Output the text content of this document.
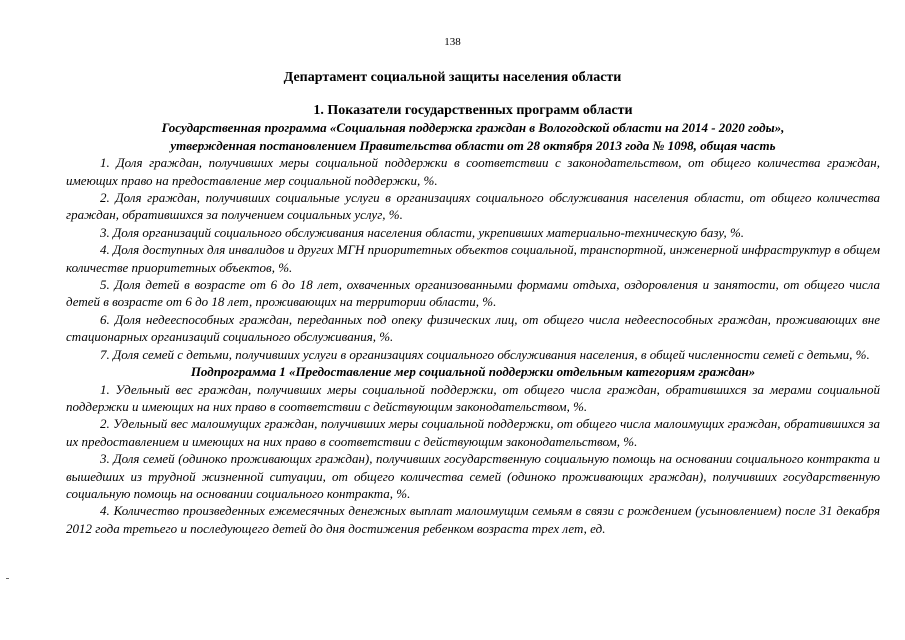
138
Департамент социальной защиты населения области

1. Показатели государственных программ области

Государственная программа «Социальная поддержка граждан в Вологодской области на 2014 - 2020 годы»,

утвержденная постановлением Правительства области от 28 октября 2013 года № 1098, общая часть

1. Доля граждан, получивших меры социальной поддержки в соответствии с законодательством, от общего количества граждан, имеющих право на предоставление мер социальной поддержки, %.

2. Доля граждан, получивших социальные услуги в организациях социального обслуживания населения области, от общего количества граждан, обратившихся за получением социальных услуг, %.

3. Доля организаций социального обслуживания населения области, укрепивших материально-техническую базу, %.

4. Доля доступных для инвалидов и других МГН приоритетных объектов социальной, транспортной, инженерной инфраструктур в общем количестве приоритетных объектов, %.

5. Доля детей в возрасте от 6 до 18 лет, охваченных организованными формами отдыха, оздоровления и занятости, от общего числа детей в возрасте от 6 до 18 лет, проживающих на территории области, %.

6. Доля недееспособных граждан, переданных под опеку физических лиц, от общего числа недееспособных граждан, проживающих вне стационарных организаций социального обслуживания, %.

7. Доля семей с детьми, получивших услуги в организациях социального обслуживания населения, в общей численности семей с детьми, %.

Подпрограмма 1 «Предоставление мер социальной поддержки отдельным категориям граждан»

1. Удельный вес граждан, получивших меры социальной поддержки, от общего числа граждан, обратившихся за мерами социальной поддержки и имеющих на них право в соответствии с действующим законодательством, %.

2. Удельный вес малоимущих граждан, получивших меры социальной поддержки, от общего числа малоимущих граждан, обратившихся за их предоставлением и имеющих на них право в соответствии с действующим законодательством, %.

3. Доля семей (одиноко проживающих граждан), получивших государственную социальную помощь на основании социального контракта и вышедших из трудной жизненной ситуации, от общего количества семей (одиноко проживающих граждан), получивших государственную социальную помощь на основании социального контракта, %.

4. Количество произведенных ежемесячных денежных выплат малоимущим семьям в связи с рождением (усыновлением) после 31 декабря 2012 года третьего и последующего детей до дня достижения ребенком возраста трех лет, ед.
